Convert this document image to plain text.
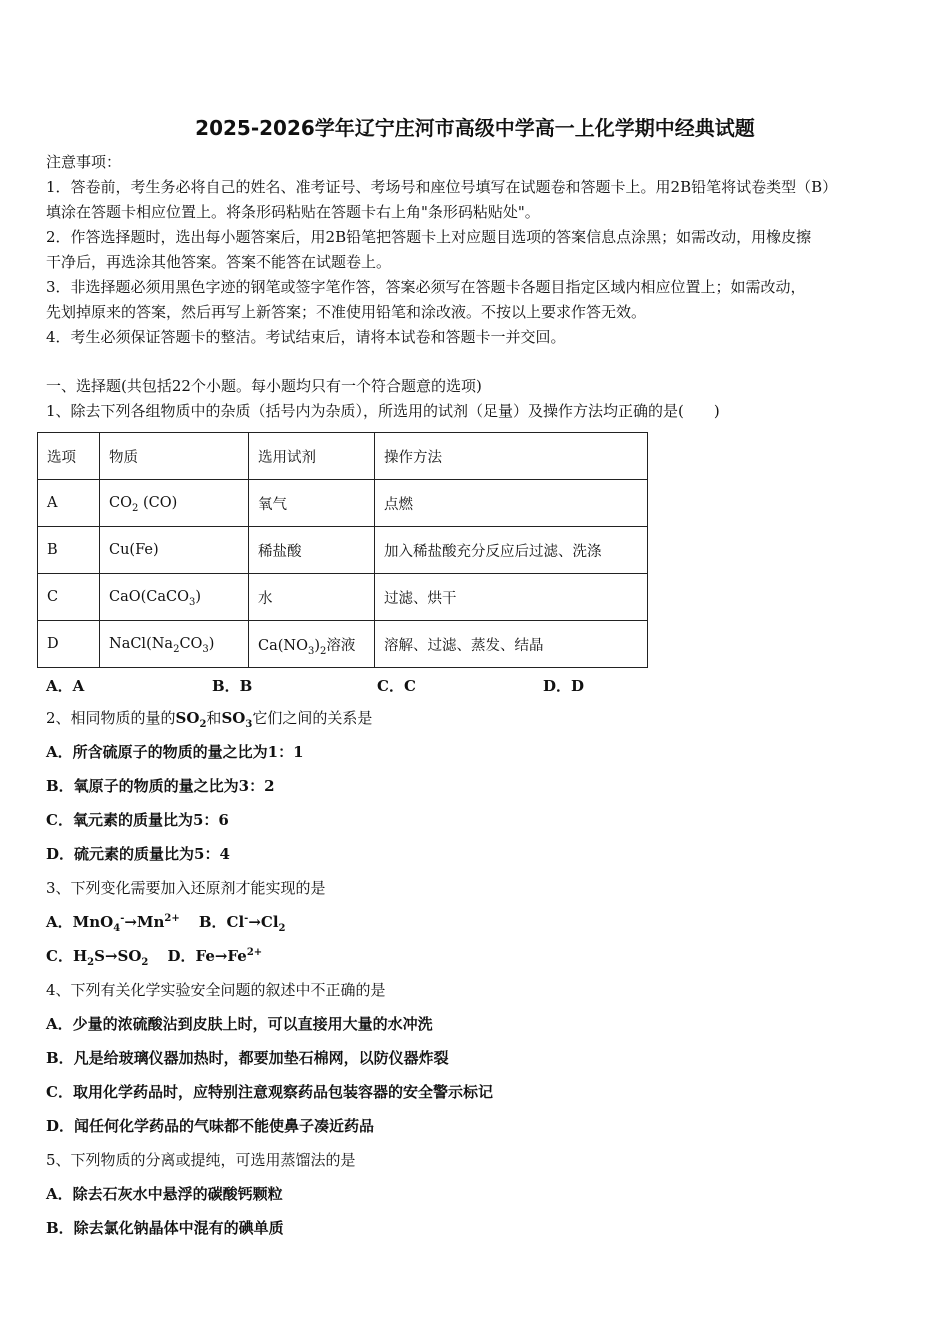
2025-2026学年辽宁庄河市高级中学高一上化学期中经典试题
注意事项：
1．答卷前，考生务必将自己的姓名、准考证号、考场号和座位号填写在试题卷和答题卡上。用2B铅笔将试卷类型（B）
填涂在答题卡相应位置上。将条形码粘贴在答题卡右上角"条形码粘贴处"。
2．作答选择题时，选出每小题答案后，用2B铅笔把答题卡上对应题目选项的答案信息点涂黑；如需改动，用橡皮擦
干净后，再选涂其他答案。答案不能答在试题卷上。
3．非选择题必须用黑色字迹的钢笔或签字笔作答，答案必须写在答题卡各题目指定区域内相应位置上；如需改动，
先划掉原来的答案，然后再写上新答案；不准使用铅笔和涂改液。不按以上要求作答无效。
4．考生必须保证答题卡的整洁。考试结束后，请将本试卷和答题卡一并交回。
一、选择题(共包括22个小题。每小题均只有一个符合题意的选项)
1、除去下列各组物质中的杂质（括号内为杂质），所选用的试剂（足量）及操作方法均正确的是(　　)
选项	物质	选用试剂	操作方法
A	$CO_2$ (CO)	氧气	点燃
B	Cu(Fe)	稀盐酸	加入稀盐酸充分反应后过滤、洗涤
C	CaO(CaCO$_3$)	水	过滤、烘干
D	$NaCl(Na_2CO_3)$	$Ca(NO_3)_2$溶液	溶解、过滤、蒸发、结晶
A．A	B．B	C．C	D．D
2、相同物质的量的$SO_2$和$SO_3$它们之间的关系是
A．所含硫原子的物质的量之比为1：1
B．氧原子的物质的量之比为3：2
C．氧元素的质量比为5：6
D．硫元素的质量比为5：4
3、下列变化需要加入还原剂才能实现的是
A．$MnO_4^-\to Mn^{2+}$ B．$Cl^-\to Cl_2$
C．$H_2S\to SO_2$ D．$Fe\to Fe^{2+}$
4、下列有关化学实验安全问题的叙述中不正确的是
A．少量的浓硫酸沾到皮肤上时，可以直接用大量的水冲洗
B．凡是给玻璃仪器加热时，都要加垫石棉网，以防仪器炸裂
C．取用化学药品时，应特别注意观察药品包装容器的安全警示标记
D．闻任何化学药品的气味都不能使鼻子凑近药品
5、下列物质的分离或提纯，可选用蒸馏法的是
A．除去石灰水中悬浮的碳酸钙颗粒
B．除去氯化钠晶体中混有的碘单质
